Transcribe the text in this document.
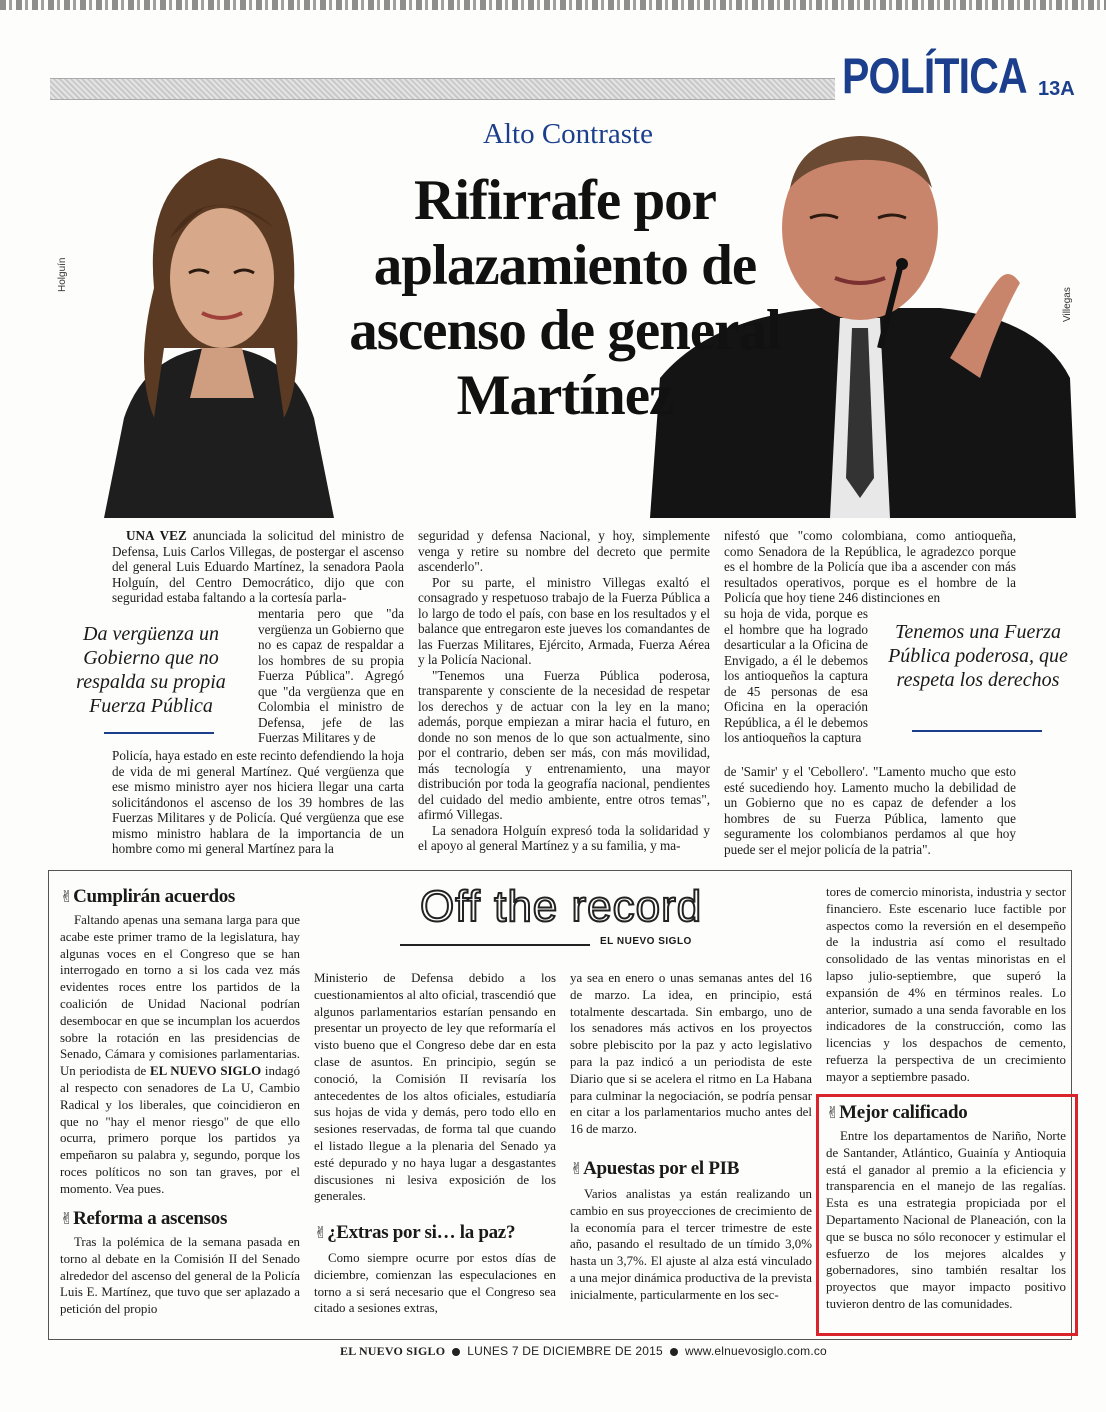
POLÍTICA 13A
Holguín
Villegas
Alto Contraste
Rifirrafe por aplazamiento de ascenso de general Martínez

UNA VEZ anunciada la solicitud del ministro de Defensa, Luis Carlos Villegas, de postergar el ascenso del general Luis Eduardo Martínez, la senadora Paola Holguín, del Centro Democrático, dijo que con seguridad estaba faltando a la cortesía parla-

mentaria pero que "da vergüenza un Gobierno que no es capaz de respaldar a los hombres de su propia Fuerza Pública". Agregó que "da vergüenza que en Colombia el ministro de Defensa, jefe de las Fuerzas Militares y de

Policía, haya estado en este recinto defendiendo la hoja de vida de mi general Martínez. Qué vergüenza que ese mismo ministro ayer nos hiciera llegar una carta solicitándonos el ascenso de los 39 hombres de las Fuerzas Militares y de Policía. Qué vergüenza que ese mismo ministro hablara de la importancia de un hombre como mi general Martínez para la

Da vergüenza un Gobierno que no respalda su propia Fuerza Pública

seguridad y defensa Nacional, y hoy, simplemente venga y retire su nombre del decreto que permite ascenderlo".

Por su parte, el ministro Villegas exaltó el consagrado y respetuoso trabajo de la Fuerza Pública a lo largo de todo el país, con base en los resultados y el balance que entregaron este jueves los comandantes de las Fuerzas Militares, Ejército, Armada, Fuerza Aérea y la Policía Nacional.

"Tenemos una Fuerza Pública poderosa, transparente y consciente de la necesidad de respetar los derechos y de actuar con la ley en la mano; además, porque empiezan a mirar hacia el futuro, en donde no son menos de lo que son actualmente, sino por el contrario, deben ser más, con más movilidad, más tecnología y entrenamiento, una mayor distribución por toda la geografía nacional, pendientes del cuidado del medio ambiente, entre otros temas", afirmó Villegas.

La senadora Holguín expresó toda la solidaridad y el apoyo al general Martínez y a su familia, y ma-

nifestó que "como colombiana, como antioqueña, como Senadora de la República, le agradezco porque es el hombre de la Policía que iba a ascender con más resultados operativos, porque es el hombre de la Policía que hoy tiene 246 distinciones en

su hoja de vida, porque es el hombre que ha logrado desarticular a la Oficina de Envigado, a él le debemos los antioqueños la captura de 45 personas de esa Oficina en la operación República, a él le debemos los antioqueños la captura

de 'Samir' y el 'Cebollero'. "Lamento mucho que esto esté sucediendo hoy. Lamento mucho la debilidad de un Gobierno que no es capaz de defender a los hombres de su Fuerza Pública, lamento que seguramente los colombianos perdamos al que hoy puede ser el mejor policía de la patria".

Tenemos una Fuerza Pública poderosa, que respeta los derechos
Off the record
EL NUEVO SIGLO
✌Cumplirán acuerdos

Faltando apenas una semana larga para que acabe este primer tramo de la legislatura, hay algunas voces en el Congreso que se han interrogado en torno a si los cada vez más evidentes roces entre los partidos de la coalición de Unidad Nacional podrían desembocar en que se incumplan los acuerdos sobre la rotación en las presidencias de Senado, Cámara y comisiones parlamentarias. Un periodista de EL NUEVO SIGLO indagó al respecto con senadores de La U, Cambio Radical y los liberales, que coincidieron en que no "hay el menor riesgo" de que ello ocurra, primero porque los partidos ya empeñaron su palabra y, segundo, porque los roces políticos no son tan graves, por el momento. Vea pues.

✌Reforma a ascensos

Tras la polémica de la semana pasada en torno al debate en la Comisión II del Senado alrededor del ascenso del general de la Policía Luis E. Martínez, que tuvo que ser aplazado a petición del propio

Ministerio de Defensa debido a los cuestionamientos al alto oficial, trascendió que algunos parlamentarios estarían pensando en presentar un proyecto de ley que reformaría el visto bueno que el Congreso debe dar en esta clase de asuntos. En principio, según se conoció, la Comisión II revisaría los antecedentes de los altos oficiales, estudiaría sus hojas de vida y demás, pero todo ello en sesiones reservadas, de forma tal que cuando el listado llegue a la plenaria del Senado ya esté depurado y no haya lugar a desgastantes discusiones ni lesiva exposición de los generales.

✌¿Extras por si… la paz?

Como siempre ocurre por estos días de diciembre, comienzan las especulaciones en torno a si será necesario que el Congreso sea citado a sesiones extras,

ya sea en enero o unas semanas antes del 16 de marzo. La idea, en principio, está totalmente descartada. Sin embargo, uno de los senadores más activos en los proyectos sobre plebiscito por la paz y acto legislativo para la paz indicó a un periodista de este Diario que si se acelera el ritmo en La Habana para culminar la negociación, se podría pensar en citar a los parlamentarios mucho antes del 16 de marzo.

✌Apuestas por el PIB

Varios analistas ya están realizando un cambio en sus proyecciones de crecimiento de la economía para el tercer trimestre de este año, pasando el resultado de un tímido 3,0% hasta un 3,7%. El ajuste al alza está vinculado a una mejor dinámica productiva de la prevista inicialmente, particularmente en los sec-

tores de comercio minorista, industria y sector financiero. Este escenario luce factible por aspectos como la reversión en el desempeño de la industria así como el resultado consolidado de las ventas minoristas en el lapso julio-septiembre, que superó la expansión de 4% en términos reales. Lo anterior, sumado a una senda favorable en los indicadores de la construcción, como las licencias y los despachos de cemento, refuerza la perspectiva de un crecimiento mayor a septiembre pasado.

✌Mejor calificado

Entre los departamentos de Nariño, Norte de Santander, Atlántico, Guainía y Antioquia está el ganador al premio a la eficiencia y transparencia en el manejo de las regalías. Esta es una estrategia propiciada por el Departamento Nacional de Planeación, con la que se busca no sólo reconocer y estimular el esfuerzo de los mejores alcaldes y gobernadores, sino también resaltar los proyectos que mayor impacto positivo tuvieron dentro de las comunidades.

EL NUEVO SIGLO LUNES 7 DE DICIEMBRE DE 2015 www.elnuevosiglo.com.co
